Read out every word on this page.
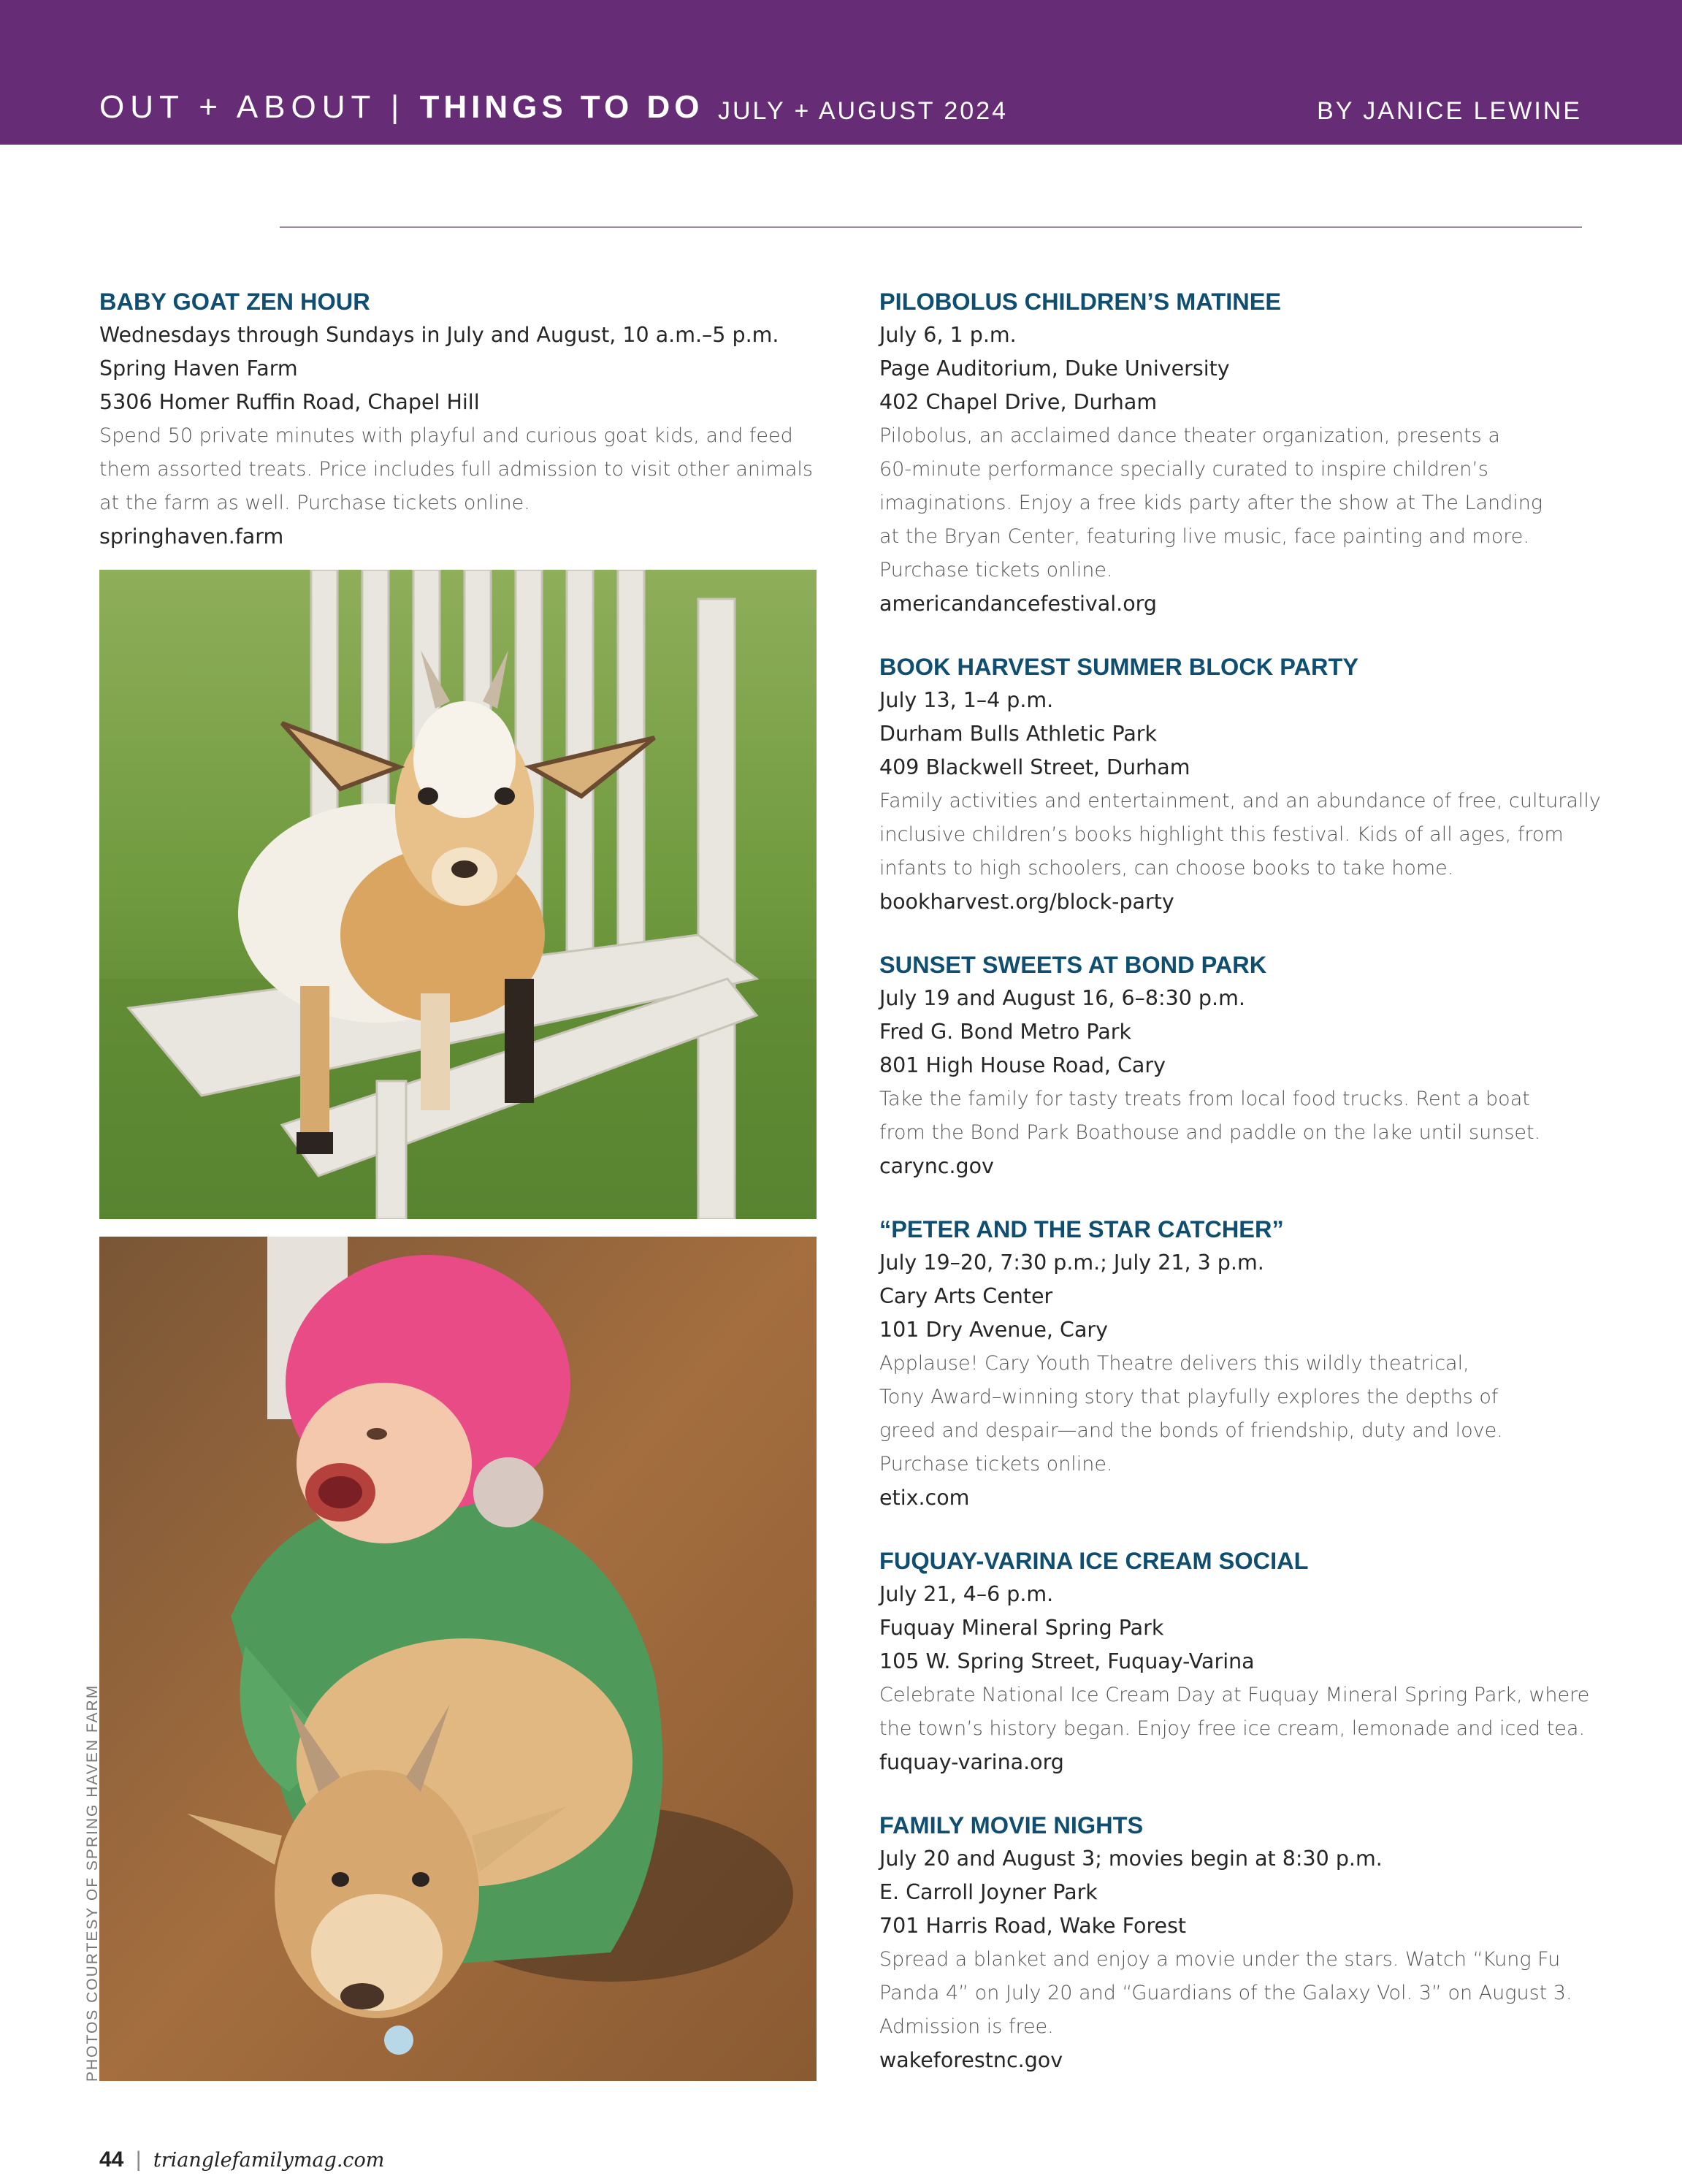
OUT + ABOUT | THINGS TO DO JULY + AUGUST 2024	BY JANICE LEWINE
BABY GOAT ZEN HOUR
Wednesdays through Sundays in July and August, 10 a.m.–5 p.m.
Spring Haven Farm
5306 Homer Ruffin Road, Chapel Hill
Spend 50 private minutes with playful and curious goat kids, and feed
them assorted treats. Price includes full admission to visit other animals
at the farm as well. Purchase tickets online.
springhaven.farm
PHOTOS COURTESY OF SPRING HAVEN FARM
PILOBOLUS CHILDREN’S MATINEE
July 6, 1 p.m.
Page Auditorium, Duke University
402 Chapel Drive, Durham
Pilobolus, an acclaimed dance theater organization, presents a
60-minute performance specially curated to inspire children’s
imaginations. Enjoy a free kids party after the show at The Landing
at the Bryan Center, featuring live music, face painting and more.
Purchase tickets online.
americandancefestival.org
BOOK HARVEST SUMMER BLOCK PARTY
July 13, 1–4 p.m.
Durham Bulls Athletic Park
409 Blackwell Street, Durham
Family activities and entertainment, and an abundance of free, culturally
inclusive children’s books highlight this festival. Kids of all ages, from
infants to high schoolers, can choose books to take home.
bookharvest.org/block-party
SUNSET SWEETS AT BOND PARK
July 19 and August 16, 6–8:30 p.m.
Fred G. Bond Metro Park
801 High House Road, Cary
Take the family for tasty treats from local food trucks. Rent a boat
from the Bond Park Boathouse and paddle on the lake until sunset.
carync.gov
“PETER AND THE STAR CATCHER”
July 19–20, 7:30 p.m.; July 21, 3 p.m.
Cary Arts Center
101 Dry Avenue, Cary
Applause! Cary Youth Theatre delivers this wildly theatrical,
Tony Award–winning story that playfully explores the depths of
greed and despair—and the bonds of friendship, duty and love.
Purchase tickets online.
etix.com
FUQUAY-VARINA ICE CREAM SOCIAL
July 21, 4–6 p.m.
Fuquay Mineral Spring Park
105 W. Spring Street, Fuquay-Varina
Celebrate National Ice Cream Day at Fuquay Mineral Spring Park, where
the town’s history began. Enjoy free ice cream, lemonade and iced tea.
fuquay-varina.org
FAMILY MOVIE NIGHTS
July 20 and August 3; movies begin at 8:30 p.m.
E. Carroll Joyner Park
701 Harris Road, Wake Forest
Spread a blanket and enjoy a movie under the stars. Watch “Kung Fu
Panda 4” on July 20 and “Guardians of the Galaxy Vol. 3” on August 3.
Admission is free.
wakeforestnc.gov
44 | trianglefamilymag.com
